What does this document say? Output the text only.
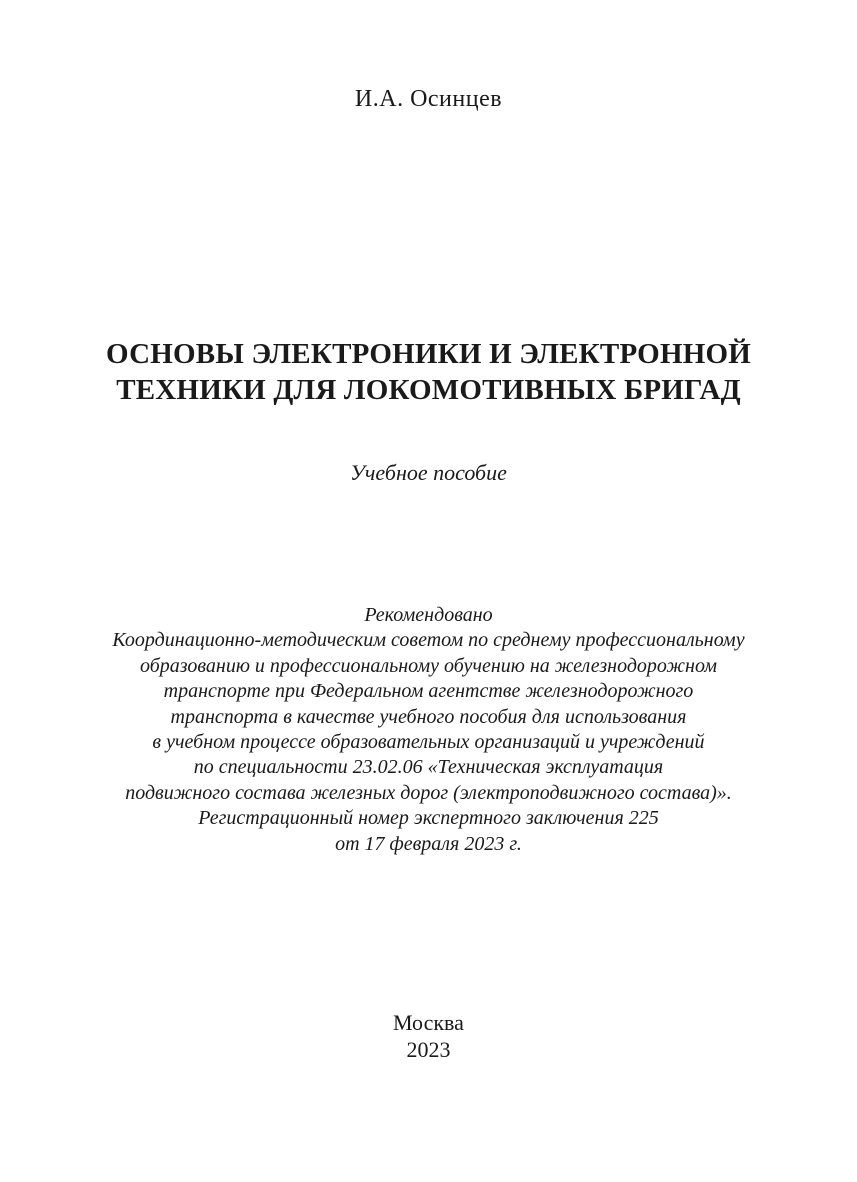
И.А. Осинцев
ОСНОВЫ ЭЛЕКТРОНИКИ И ЭЛЕКТРОННОЙ
ТЕХНИКИ ДЛЯ ЛОКОМОТИВНЫХ БРИГАД
Учебное пособие
Рекомендовано
Координационно-методическим советом по среднему профессиональному
образованию и профессиональному обучению на железнодорожном
транспорте при Федеральном агентстве железнодорожного
транспорта в качестве учебного пособия для использования
в учебном процессе образовательных организаций и учреждений
по специальности 23.02.06 «Техническая эксплуатация
подвижного состава железных дорог (электроподвижного состава)».
Регистрационный номер экспертного заключения 225
от 17 февраля 2023 г.
Москва
2023
